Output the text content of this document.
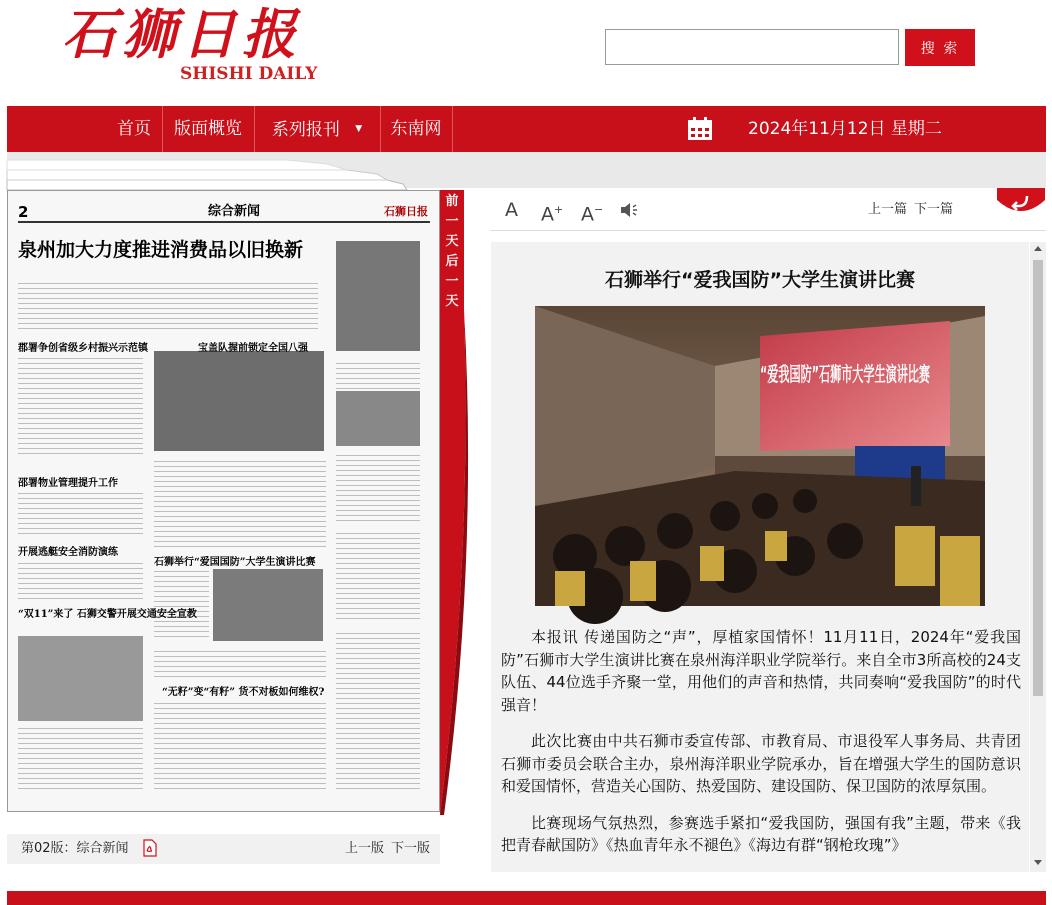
石狮日报
SHISHI DAILY
搜 索
首页	版面概览	系列报刊 ▼	东南网	2024年11月12日 星期二
2	综合新闻	石狮日报
泉州加大力度推进消费品以旧换新
宝盖队握前锁定全国八强
郡署争创省级乡村振兴示范镇
邵署物业管理提升工作
开展逃艇安全消防演练
石狮举行“爱国国防”大学生演讲比赛
“双11”来了 石狮交警开展交通安全宣教
“无籽”变“有籽” 货不对板如何维权?
前
一
天
后
一
天
第02版：综合新闻	上一版 下一版
A A+ A−	上一篇 下一篇
石狮举行“爱我国防”大学生演讲比赛
“爱我国防”石狮市大学生演讲比赛

本报讯 传递国防之“声”，厚植家国情怀！11月11日，2024年“爱我国防”石狮市大学生演讲比赛在泉州海洋职业学院举行。来自全市3所高校的24支队伍、44位选手齐聚一堂，用他们的声音和热情，共同奏响“爱我国防”的时代强音！

此次比赛由中共石狮市委宣传部、市教育局、市退役军人事务局、共青团石狮市委员会联合主办，泉州海洋职业学院承办，旨在增强大学生的国防意识和爱国情怀，营造关心国防、热爱国防、建设国防、保卫国防的浓厚氛围。

比赛现场气氛热烈，参赛选手紧扣“爱我国防，强国有我”主题，带来《我把青春献国防》《热血青年永不褪色》《海边有群“钢枪玫瑰”》
